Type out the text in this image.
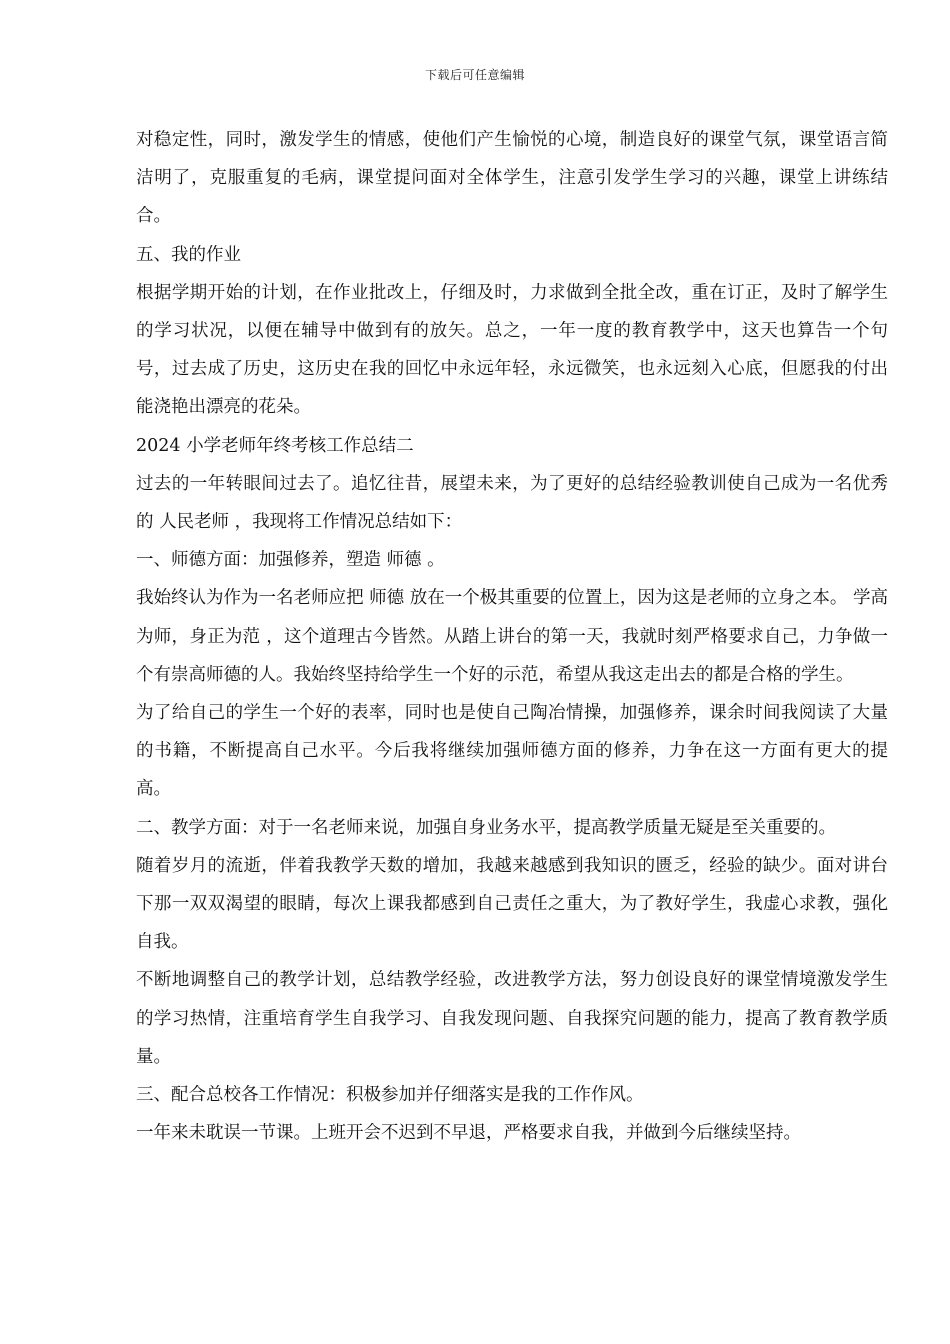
下载后可任意编辑

对稳定性，同时，激发学生的情感，使他们产生愉悦的心境，制造良好的课堂气氛，课堂语言简洁明了，克服重复的毛病，课堂提问面对全体学生，注意引发学生学习的兴趣，课堂上讲练结合。

五、我的作业

根据学期开始的计划，在作业批改上，仔细及时，力求做到全批全改，重在订正，及时了解学生的学习状况，以便在辅导中做到有的放矢。总之，一年一度的教育教学中，这天也算告一个句号，过去成了历史，这历史在我的回忆中永远年轻，永远微笑，也永远刻入心底，但愿我的付出能浇艳出漂亮的花朵。

2024 小学老师年终考核工作总结二

过去的一年转眼间过去了。追忆往昔，展望未来，为了更好的总结经验教训使自己成为一名优秀的 人民老师 ，我现将工作情况总结如下：

一、师德方面：加强修养，塑造 师德 。

我始终认为作为一名老师应把 师德 放在一个极其重要的位置上，因为这是老师的立身之本。 学高为师，身正为范 ，这个道理古今皆然。从踏上讲台的第一天，我就时刻严格要求自己，力争做一个有崇高师德的人。我始终坚持给学生一个好的示范，希望从我这走出去的都是合格的学生。

为了给自己的学生一个好的表率，同时也是使自己陶冶情操，加强修养，课余时间我阅读了大量的书籍，不断提高自己水平。今后我将继续加强师德方面的修养，力争在这一方面有更大的提高。

二、教学方面：对于一名老师来说，加强自身业务水平，提高教学质量无疑是至关重要的。

随着岁月的流逝，伴着我教学天数的增加，我越来越感到我知识的匮乏，经验的缺少。面对讲台下那一双双渴望的眼睛，每次上课我都感到自己责任之重大，为了教好学生，我虚心求教，强化自我。

不断地调整自己的教学计划，总结教学经验，改进教学方法，努力创设良好的课堂情境激发学生的学习热情，注重培育学生自我学习、自我发现问题、自我探究问题的能力，提高了教育教学质量。

三、配合总校各工作情况：积极参加并仔细落实是我的工作作风。

一年来未耽误一节课。上班开会不迟到不早退，严格要求自我，并做到今后继续坚持。
